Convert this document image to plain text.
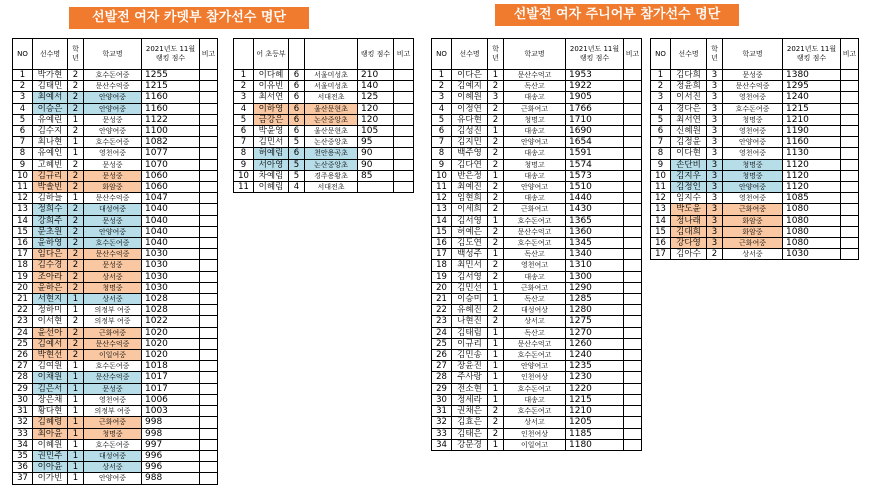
선발전 여자 카뎃부 참가선수 명단	선발전 여자 주니어부 참가선수 명단
NO	선수명	학년	학교명	2021년도 11월랭킹 점수	비고
1	박가현	2	호수돈여중	1255	
2	김태민	2	문산수억중	1215	
3	최예서	2	안양여중	1160	
4	이승은	2	안양여중	1160	
5	유예린	1	문성중	1122	
6	김수지	2	안양여중	1100	
7	최나현	1	호수돈여중	1082	
8	유예인	1	영천여중	1077	
9	고혜빈	2	문성중	1070	
10	김규리	2	문성중	1060	
11	박솔빈	2	화암중	1060	
12	김하늘	1	문산수억중	1047	
13	정희수	2	대성여중	1040	
14	강희주	2	문성중	1040	
15	문초원	2	안양여중	1040	
16	윤하영	2	호수돈여중	1040	
17	임다은	2	문산수억중	1030	
18	김수경	2	문성중	1030	
19	조아라	2	상서중	1030	
20	윤하은	2	청명중	1030	
21	서현지	1	상서중	1028	
22	정하미	1	의정부 여중	1028	
23	이서현	2	의정부 여중	1022	
24	윤선아	2	근화여중	1020	
25	김예서	2	문산수억중	1020	
26	박현선	2	이일여중	1020	
27	김여원	1	호수돈여중	1018	
28	이채원	1	문산수억중	1017	
29	김은서	1	문성중	1017	
30	장은채	1	영천여중	1006	
31	황다현	1	의정부 여중	1003	
32	김혜령	1	근화여중	998	
33	최아윤	1	청명중	998	
34	이혜원	1	호수돈여중	997	
35	권민주	1	대성여중	996	
36	이아윤	1	상서중	996	
37	이가빈	1	안양여중	988	
	어 초등부			랭킹 점수	비고
1	이다혜	6	서울미성초	210	
2	이유빈	6	서울미성초	140	
3	최서연	6	서대전초	125	
4	이하영	6	울산문현초	120	
5	금강은	6	논산중앙초	120	
6	박윤영	6	울산문현초	105	
7	김민서	5	논산중앙초	95	
8	허예림	6	천안용곡초	90	
9	서아영	5	논산중앙초	90	
10	차예림	5	경주용황초	85	
11	이혜림	4	서대전초		
NO	선수명	학년	학교명	2021년도 11월랭킹 점수	비고
1	이다은	1	문산수억고	1953	
2	김예지	2	독산고	1922	
3	이혜원	3	대송고	1905	
4	이정연	2	근화여고	1766	
5	유다현	2	청명고	1710	
6	김성진	1	대송고	1690	
7	김지민	2	안양여고	1654	
8	백주영	2	대송고	1591	
9	김다연	2	청명고	1574	
10	반은정	1	대송고	1573	
11	최예진	2	안양여고	1510	
12	임현희	2	대송고	1440	
13	이세희	2	근화여고	1430	
14	김서영	1	호수돈여고	1365	
15	허예은	2	문산수억고	1360	
16	김도연	2	호수돈여고	1345	
17	백성주	1	독산고	1340	
18	최민서	2	영천여고	1310	
19	김서영	2	대송고	1300	
20	김민선	1	근화여고	1290	
21	이승미	1	독산고	1285	
22	유혜진	2	대성여상	1280	
23	나현진	2	상서고	1275	
24	김태림	1	독산고	1270	
25	이규리	1	문산수억고	1260	
26	김민송	1	호수돈여고	1240	
27	장윤진	1	안양여고	1235	
28	주사랑	1	인천여상	1230	
29	전소현	1	호수돈여고	1220	
30	정세라	1	대송고	1215	
31	권채은	2	호수돈여고	1210	
32	김효은	2	상서고	1205	
33	김태은	2	인천여상	1185	
34	강문경	1	이일여고	1180	
NO	선수명	학년	학교명	2021년도 11월랭킹 점수	비고
1	김다희	3	문성중	1380	
2	정윤희	3	문산수억중	1295	
3	이서진	3	영천여중	1240	
4	경다은	3	호수돈여중	1215	
5	최서연	3	청명중	1210	
6	신혜원	3	영천여중	1190	
7	김정윤	3	안양여중	1160	
8	이다현	3	영천여중	1130	
9	손단비	3	청명중	1120	
10	김지우	3	청명중	1120	
11	김정인	3	안양여중	1120	
12	임지수	3	영천여중	1085	
13	박도윤	3	근화여중	1080	
14	정나래	3	화암중	1080	
15	김대희	3	화암중	1080	
16	강다영	3	근화여중	1080	
17	김아수	2	상서중	1030	
